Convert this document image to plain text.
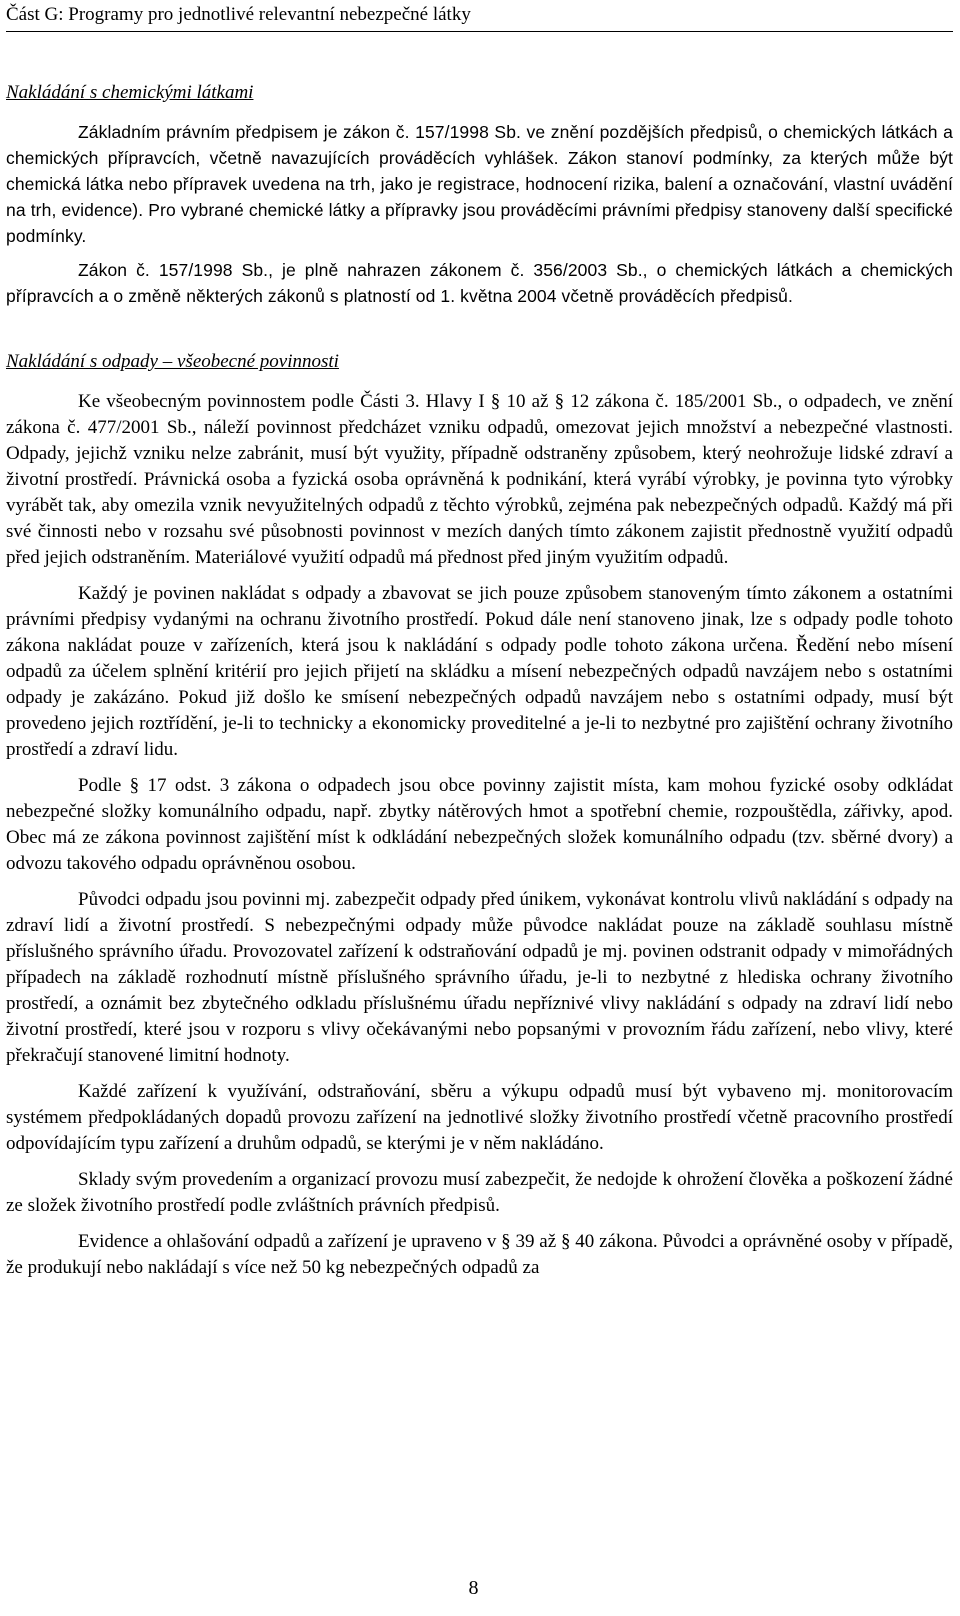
Část G: Programy pro jednotlivé relevantní nebezpečné látky
Nakládání s chemickými látkami

Základním právním předpisem je zákon č. 157/1998 Sb. ve znění pozdějších předpisů, o chemických látkách a chemických přípravcích, včetně navazujících prováděcích vyhlášek. Zákon stanoví podmínky, za kterých může být chemická látka nebo přípravek uvedena na trh, jako je registrace, hodnocení rizika, balení a označování, vlastní uvádění na trh, evidence). Pro vybrané chemické látky a přípravky jsou prováděcími právními předpisy stanoveny další specifické podmínky.

Zákon č. 157/1998 Sb., je plně nahrazen zákonem č. 356/2003 Sb., o chemických látkách a chemických přípravcích a o změně některých zákonů s platností od 1. května 2004 včetně prováděcích předpisů.

Nakládání s odpady – všeobecné povinnosti

Ke všeobecným povinnostem podle Části 3. Hlavy I § 10 až § 12 zákona č. 185/2001 Sb., o odpadech, ve znění zákona č. 477/2001 Sb., náleží povinnost předcházet vzniku odpadů, omezovat jejich množství a nebezpečné vlastnosti. Odpady, jejichž vzniku nelze zabránit, musí být využity, případně odstraněny způsobem, který neohrožuje lidské zdraví a životní prostředí. Právnická osoba a fyzická osoba oprávněná k podnikání, která vyrábí výrobky, je povinna tyto výrobky vyrábět tak, aby omezila vznik nevyužitelných odpadů z těchto výrobků, zejména pak nebezpečných odpadů. Každý má při své činnosti nebo v rozsahu své působnosti povinnost v mezích daných tímto zákonem zajistit přednostně využití odpadů před jejich odstraněním. Materiálové využití odpadů má přednost před jiným využitím odpadů.

Každý je povinen nakládat s odpady a zbavovat se jich pouze způsobem stanoveným tímto zákonem a ostatními právními předpisy vydanými na ochranu životního prostředí. Pokud dále není stanoveno jinak, lze s odpady podle tohoto zákona nakládat pouze v zařízeních, která jsou k nakládání s odpady podle tohoto zákona určena. Ředění nebo mísení odpadů za účelem splnění kritérií pro jejich přijetí na skládku a mísení nebezpečných odpadů navzájem nebo s ostatními odpady je zakázáno. Pokud již došlo ke smísení nebezpečných odpadů navzájem nebo s ostatními odpady, musí být provedeno jejich roztřídění, je-li to technicky a ekonomicky proveditelné a je-li to nezbytné pro zajištění ochrany životního prostředí a zdraví lidu.

Podle § 17 odst. 3 zákona o odpadech jsou obce povinny zajistit místa, kam mohou fyzické osoby odkládat nebezpečné složky komunálního odpadu, např. zbytky nátěrových hmot a spotřební chemie, rozpouštědla, zářivky, apod. Obec má ze zákona povinnost zajištění míst k odkládání nebezpečných složek komunálního odpadu (tzv. sběrné dvory) a odvozu takového odpadu oprávněnou osobou.

Původci odpadu jsou povinni mj. zabezpečit odpady před únikem, vykonávat kontrolu vlivů nakládání s odpady na zdraví lidí a životní prostředí. S nebezpečnými odpady může původce nakládat pouze na základě souhlasu místně příslušného správního úřadu. Provozovatel zařízení k odstraňování odpadů je mj. povinen odstranit odpady v mimořádných případech na základě rozhodnutí místně příslušného správního úřadu, je-li to nezbytné z hlediska ochrany životního prostředí, a oznámit bez zbytečného odkladu příslušnému úřadu nepříznivé vlivy nakládání s odpady na zdraví lidí nebo životní prostředí, které jsou v rozporu s vlivy očekávanými nebo popsanými v provozním řádu zařízení, nebo vlivy, které překračují stanovené limitní hodnoty.

Každé zařízení k využívání, odstraňování, sběru a výkupu odpadů musí být vybaveno mj. monitorovacím systémem předpokládaných dopadů provozu zařízení na jednotlivé složky životního prostředí včetně pracovního prostředí odpovídajícím typu zařízení a druhům odpadů, se kterými je v něm nakládáno.

Sklady svým provedením a organizací provozu musí zabezpečit, že nedojde k ohrožení člověka a poškození žádné ze složek životního prostředí podle zvláštních právních předpisů.

Evidence a ohlašování odpadů a zařízení je upraveno v § 39 až § 40 zákona. Původci a oprávněné osoby v případě, že produkují nebo nakládají s více než 50 kg nebezpečných odpadů za

8
